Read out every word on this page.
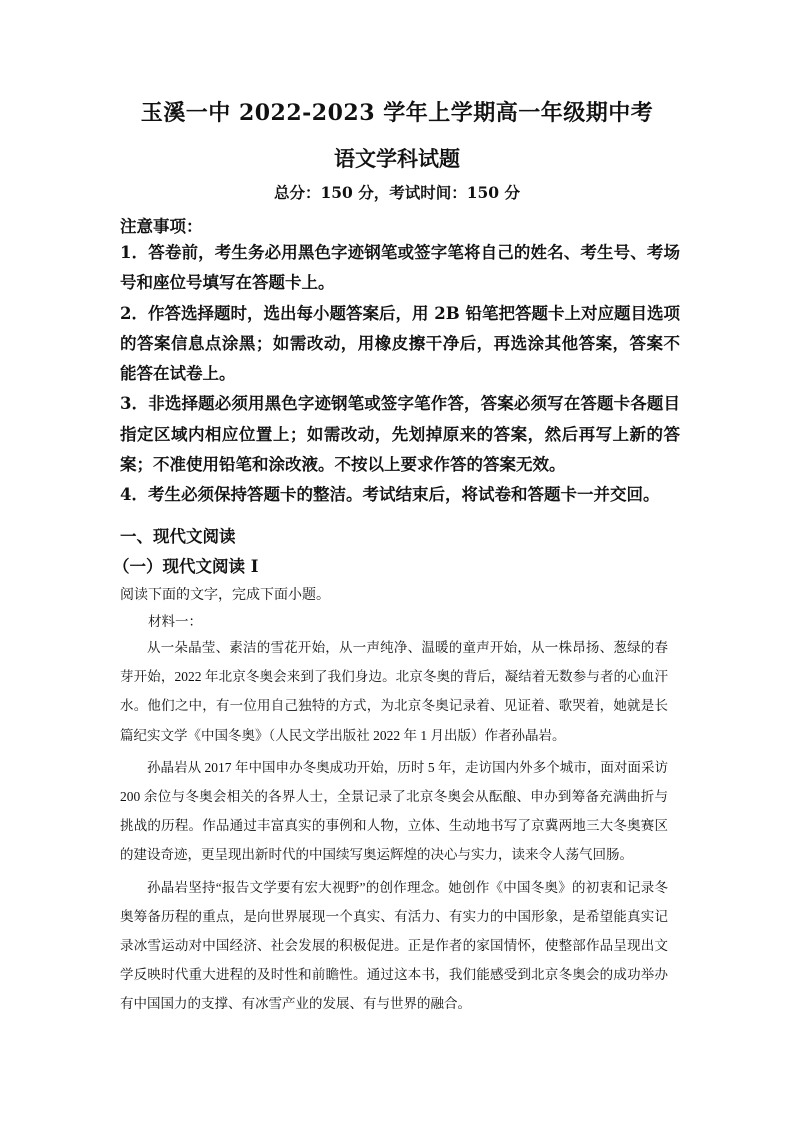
玉溪一中 2022-2023 学年上学期高一年级期中考
语文学科试题
总分：150 分，考试时间：150 分
注意事项：

1．答卷前，考生务必用黑色字迹钢笔或签字笔将自己的姓名、考生号、考场号和座位号填写在答题卡上。

2．作答选择题时，选出每小题答案后，用 2B 铅笔把答题卡上对应题目选项的答案信息点涂黑；如需改动，用橡皮擦干净后，再选涂其他答案，答案不能答在试卷上。

3．非选择题必须用黑色字迹钢笔或签字笔作答，答案必须写在答题卡各题目指定区域内相应位置上；如需改动，先划掉原来的答案，然后再写上新的答案；不准使用铅笔和涂改液。不按以上要求作答的答案无效。

4．考生必须保持答题卡的整洁。考试结束后，将试卷和答题卡一并交回。

一、现代文阅读
（一）现代文阅读 I
阅读下面的文字，完成下面小题。
材料一：

从一朵晶莹、素洁的雪花开始，从一声纯净、温暖的童声开始，从一株昂扬、葱绿的春芽开始，2022 年北京冬奥会来到了我们身边。北京冬奥的背后，凝结着无数参与者的心血汗水。他们之中，有一位用自己独特的方式，为北京冬奥记录着、见证着、歌哭着，她就是长篇纪实文学《中国冬奥》（人民文学出版社 2022 年 1 月出版）作者孙晶岩。

孙晶岩从 2017 年中国申办冬奥成功开始，历时 5 年，走访国内外多个城市，面对面采访 200 余位与冬奥会相关的各界人士，全景记录了北京冬奥会从酝酿、申办到筹备充满曲折与挑战的历程。作品通过丰富真实的事例和人物，立体、生动地书写了京冀两地三大冬奥赛区的建设奇迹，更呈现出新时代的中国续写奥运辉煌的决心与实力，读来令人荡气回肠。

孙晶岩坚持“报告文学要有宏大视野”的创作理念。她创作《中国冬奥》的初衷和记录冬奥筹备历程的重点，是向世界展现一个真实、有活力、有实力的中国形象，是希望能真实记录冰雪运动对中国经济、社会发展的积极促进。正是作者的家国情怀，使整部作品呈现出文学反映时代重大进程的及时性和前瞻性。通过这本书，我们能感受到北京冬奥会的成功举办有中国国力的支撑、有冰雪产业的发展、有与世界的融合。
